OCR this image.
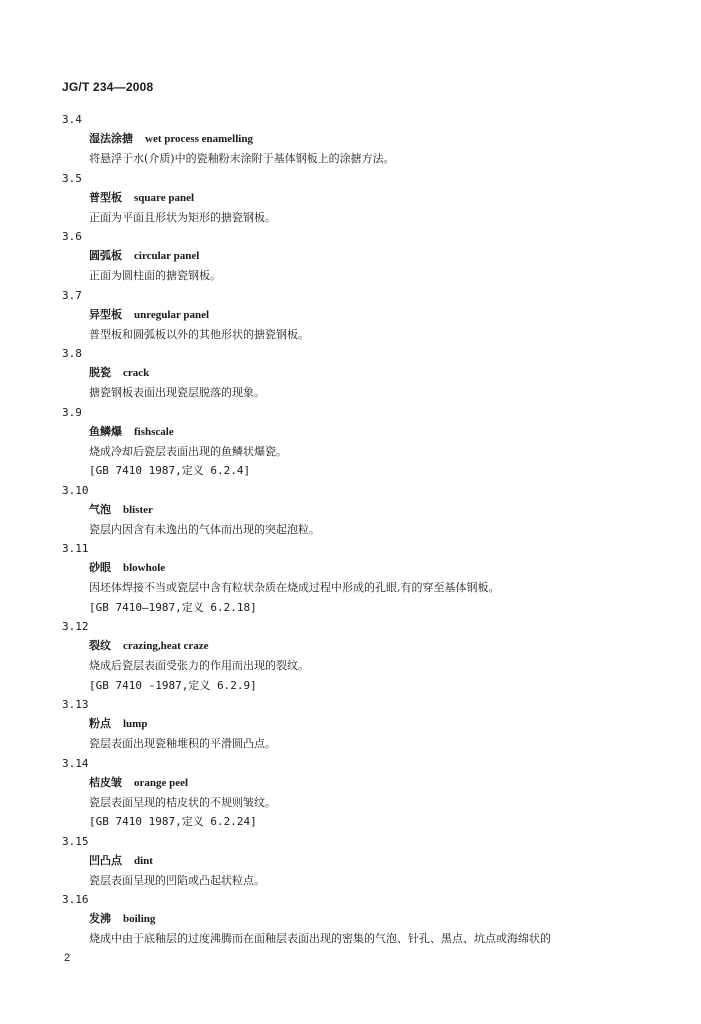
JG/T 234—2008
3.4
湿法涂搪 wet process enamelling
将悬浮于水(介质)中的瓷釉粉末涂附于基体钢板上的涂搪方法。
3.5
普型板 square panel
正面为平面且形状为矩形的搪瓷钢板。
3.6
圆弧板 circular panel
正面为圆柱面的搪瓷钢板。
3.7
异型板 unregular panel
普型板和圆弧板以外的其他形状的搪瓷钢板。
3.8
脱瓷 crack
搪瓷钢板表面出现瓷层脱落的现象。
3.9
鱼鳞爆 fishscale
烧成冷却后瓷层表面出现的鱼鳞状爆瓷。
[GB 7410 1987,定义 6.2.4]
3.10
气泡 blister
瓷层内因含有未逸出的气体而出现的突起泡粒。
3.11
砂眼 blowhole
因坯体焊接不当或瓷层中含有粒状杂质在烧成过程中形成的孔眼,有的穿至基体钢板。
[GB 7410—1987,定义 6.2.18]
3.12
裂纹 crazing,heat craze
烧成后瓷层表面受张力的作用而出现的裂纹。
[GB 7410 -1987,定义 6.2.9]
3.13
粉点 lump
瓷层表面出现瓷釉堆积的平滑圆凸点。
3.14
桔皮皱 orange peel
瓷层表面呈现的桔皮状的不规则皱纹。
[GB 7410 1987,定义 6.2.24]
3.15
凹凸点 dint
瓷层表面呈现的凹陷或凸起状粒点。
3.16
发沸 boiling
烧成中由于底釉层的过度沸腾而在面釉层表面出现的密集的气泡、针孔、黑点、坑点或海绵状的
2
